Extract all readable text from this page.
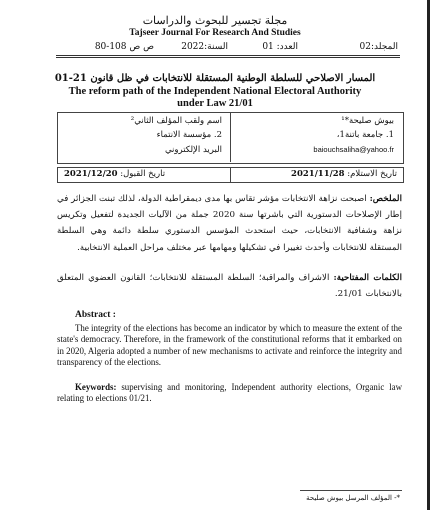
مجلة تجسير للبحوث والدراسات
Tajseer Journal For Research And Studies
المجلد:02
العدد: 01
السنة:2022
ص ص 108-80
المسار الاصلاحي للسلطة الوطنية المستقلة للانتخابات في ظل قانون 21-01
The reform path of the Independent National Electoral Authority
under Law 21/01
بيوش صليحة*¹
1. جامعة باتنة1،
baiouchsaliha@yahoo.fr
اسم ولقب المؤلف الثاني²
2. مؤسسة الانتماء
البريد الإلكتروني
تاريخ الاستلام: 2021/11/28
تاريخ القبول: 2021/12/20

الملخص: اصبحت نزاهة الانتخابات مؤشر تقاس بها مدى ديمقراطية الدولة، لذلك تبنت الجزائر في إطار الإصلاحات الدستورية التي باشرتها سنة 2020 جملة من الآليات الجديدة لتفعيل وتكريس نزاهة وشفافية الانتخابات، حيث استحدث المؤسس الدستوري سلطة دائمة وهي السلطة المستقلة للانتخابات وأحدث تغييرا في تشكيلها ومهامها عبر مختلف مراحل العملية الانتخابية.

الكلمات المفتاحية: الاشراف والمراقبة؛ السلطة المستقلة للانتخابات؛ القانون العضوي المتعلق بالانتخابات 21/01.
Abstract :
The integrity of the elections has become an indicator by which to measure the extent of the state's democracy. Therefore, in the framework of the constitutional reforms that it embarked on in 2020, Algeria adopted a number of new mechanisms to activate and reinforce the integrity and transparency of the elections.
Keywords: supervising and monitoring, Independent authority elections, Organic law relating to elections 01/21.
*- المؤلف المرسل بيوش صليحة
